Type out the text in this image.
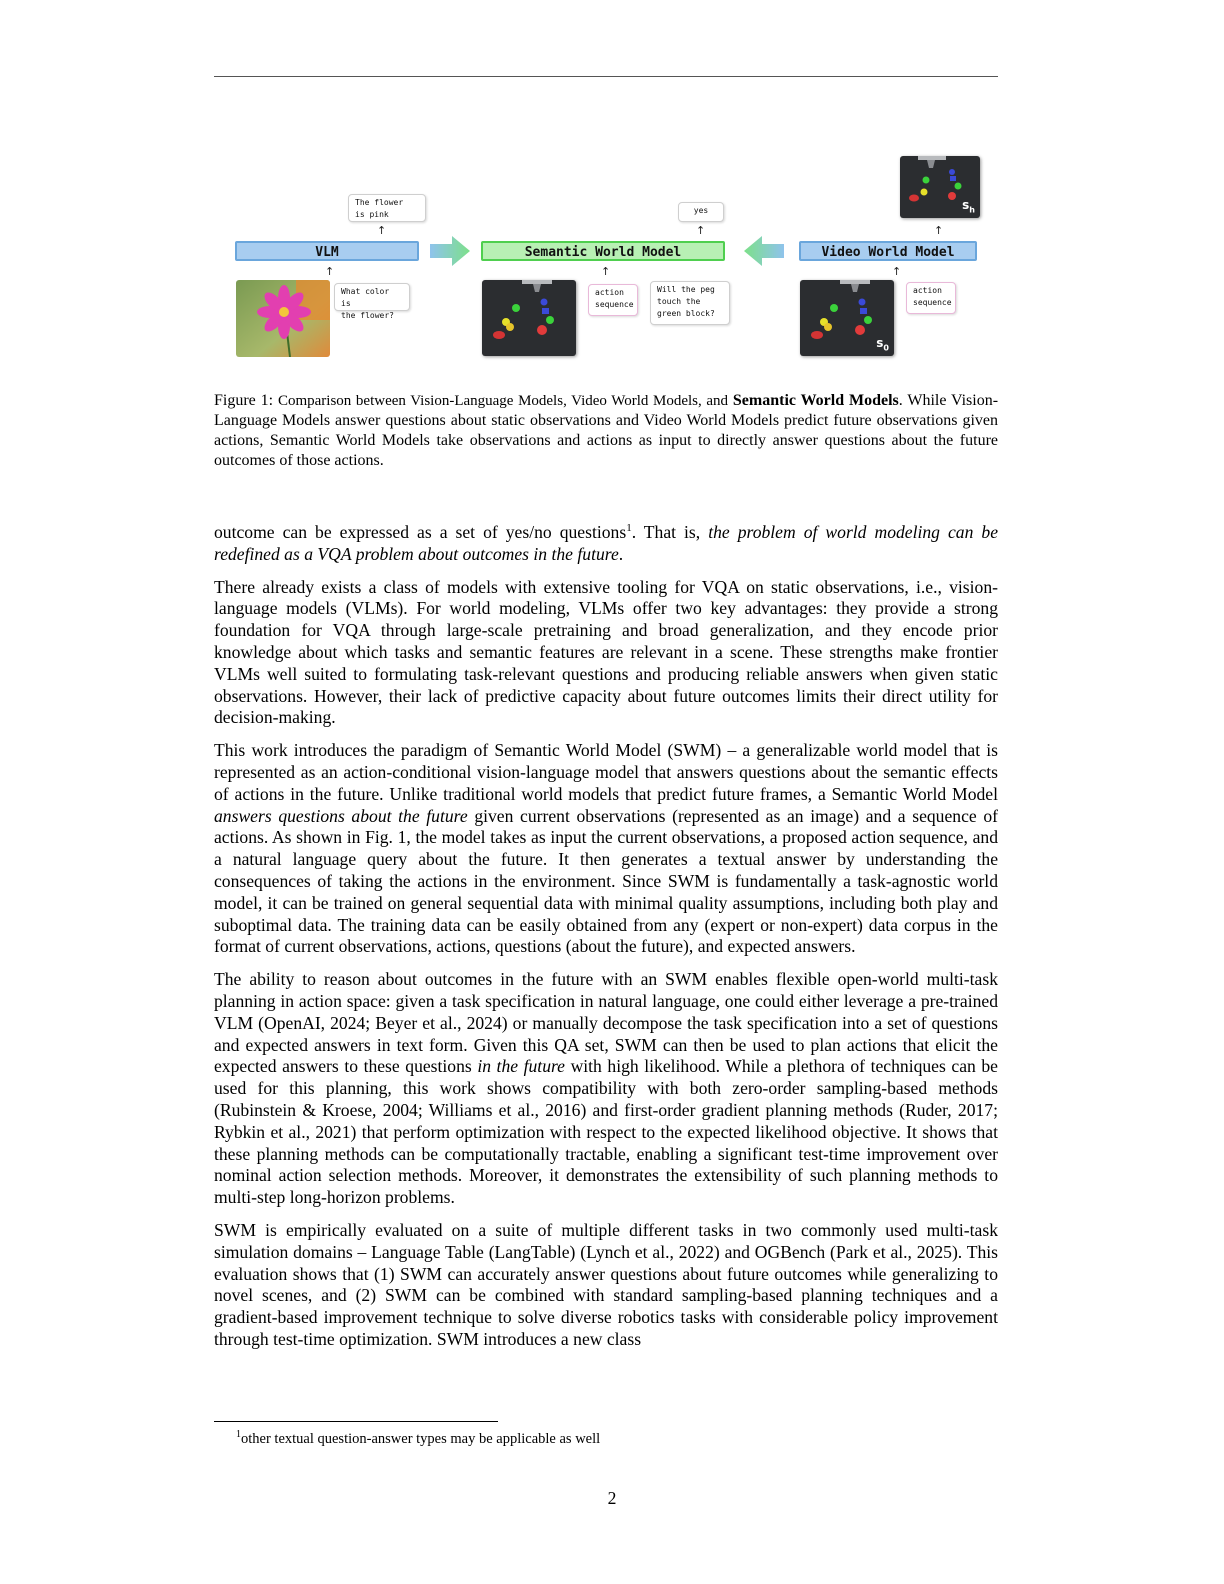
The flower
is pink
↑
VLM
↑
What color is
the flower?
yes
↑
Semantic World Model
↑
action
sequence
Will the peg
touch the
green block?
$s_h$
↑
Video World Model
↑
$s_0$
action
sequence
Figure 1: Comparison between Vision-Language Models, Video World Models, and Semantic World Models. While Vision-Language Models answer questions about static observations and Video World Models predict future observations given actions, Semantic World Models take observations and actions as input to directly answer questions about the future outcomes of those actions.

outcome can be expressed as a set of yes/no questions$^1$. That is, the problem of world modeling can be redefined as a VQA problem about outcomes in the future.

There already exists a class of models with extensive tooling for VQA on static observations, i.e., vision-language models (VLMs). For world modeling, VLMs offer two key advantages: they provide a strong foundation for VQA through large-scale pretraining and broad generalization, and they encode prior knowledge about which tasks and semantic features are relevant in a scene. These strengths make frontier VLMs well suited to formulating task-relevant questions and producing reliable answers when given static observations. However, their lack of predictive capacity about future outcomes limits their direct utility for decision-making.

This work introduces the paradigm of Semantic World Model (SWM) – a generalizable world model that is represented as an action-conditional vision-language model that answers questions about the semantic effects of actions in the future. Unlike traditional world models that predict future frames, a Semantic World Model answers questions about the future given current observations (represented as an image) and a sequence of actions. As shown in Fig. 1, the model takes as input the current observations, a proposed action sequence, and a natural language query about the future. It then generates a textual answer by understanding the consequences of taking the actions in the environment. Since SWM is fundamentally a task-agnostic world model, it can be trained on general sequential data with minimal quality assumptions, including both play and suboptimal data. The training data can be easily obtained from any (expert or non-expert) data corpus in the format of current observations, actions, questions (about the future), and expected answers.

The ability to reason about outcomes in the future with an SWM enables flexible open-world multi-task planning in action space: given a task specification in natural language, one could either leverage a pre-trained VLM (OpenAI, 2024; Beyer et al., 2024) or manually decompose the task specification into a set of questions and expected answers in text form. Given this QA set, SWM can then be used to plan actions that elicit the expected answers to these questions in the future with high likelihood. While a plethora of techniques can be used for this planning, this work shows compatibility with both zero-order sampling-based methods (Rubinstein & Kroese, 2004; Williams et al., 2016) and first-order gradient planning methods (Ruder, 2017; Rybkin et al., 2021) that perform optimization with respect to the expected likelihood objective. It shows that these planning methods can be computationally tractable, enabling a significant test-time improvement over nominal action selection methods. Moreover, it demonstrates the extensibility of such planning methods to multi-step long-horizon problems.

SWM is empirically evaluated on a suite of multiple different tasks in two commonly used multi-task simulation domains – Language Table (LangTable) (Lynch et al., 2022) and OGBench (Park et al., 2025). This evaluation shows that (1) SWM can accurately answer questions about future outcomes while generalizing to novel scenes, and (2) SWM can be combined with standard sampling-based planning techniques and a gradient-based improvement technique to solve diverse robotics tasks with considerable policy improvement through test-time optimization. SWM introduces a new class

$^1$other textual question-answer types may be applicable as well
2
